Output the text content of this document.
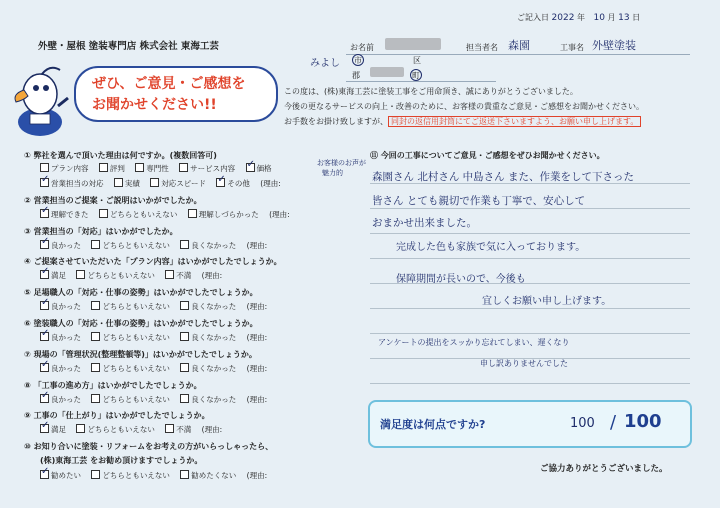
ご記入日 2022 年 10 月 13 日
外壁・屋根 塗装専門店 株式会社 東海工芸
ぜひ、ご意見・ご感想を
お聞かせください!!
お名前	担当者名 森園	工事名 外壁塗装
みよし 市	区
郡	町
この度は、(株)東海工芸に塗装工事をご用命頂き、誠にありがとうございました。
今後の更なるサービスの向上・改善のために、お客様の貴重なご意見・ご感想をお聞かせください。
お手数をお掛け致しますが、 同封の返信用封筒にてご返送下さいますよう、お願い申し上げます。
① 弊社を選んで頂いた理由は何ですか。(複数回答可)
プラン内容	評判	専門性	サービス内容 ✓	価格
✓営業担当の対応	実績	対応スピード ✓	その他 (理由:
お客様のお声が
魅力的
② 営業担当のご提案・ご説明はいかがでしたか。
✓理解できた	どちらともいえない	理解しづらかった (理由:
③ 営業担当の「対応」はいかがでしたか。
✓良かった	どちらともいえない	良くなかった (理由:
④ ご提案させていただいた「プラン内容」はいかがでしたでしょうか。
✓満足	どちらともいえない	不満 (理由:
⑤ 足場職人の「対応・仕事の姿勢」はいかがでしたでしょうか。
✓良かった	どちらともいえない	良くなかった (理由:
⑥ 塗装職人の「対応・仕事の姿勢」はいかがでしたでしょうか。
✓良かった	どちらともいえない	良くなかった (理由:
⑦ 現場の「管理状況(整理整頓等)」はいかがでしたでしょうか。
✓良かった	どちらともいえない	良くなかった (理由:
⑧ 「工事の進め方」はいかがでしたでしょうか。
✓良かった	どちらともいえない	良くなかった (理由:
⑨ 工事の「仕上がり」はいかがでしたでしょうか。
✓満足	どちらともいえない	不満 (理由:
⑩ お知り合いに塗装・リフォームをお考えの方がいらっしゃったら、
(株)東海工芸 をお勧め頂けますでしょうか。
✓勧めたい	どちらともいえない	勧めたくない (理由:
⑪ 今回の工事についてご意見・ご感想をぜひお聞かせください。
森園さん 北村さん 中島さん また、作業をして下さった
皆さん とても親切で作業も丁寧で、安心して
おまかせ出来ました。
完成した色も家族で気に入っております。
保障期間が長いので、今後も
宜しくお願い申し上げます。
アンケートの提出をスッかり忘れてしまい、遅くなり
申し訳ありませんでした
満足度は何点ですか?	100 / 100
ご協力ありがとうございました。
